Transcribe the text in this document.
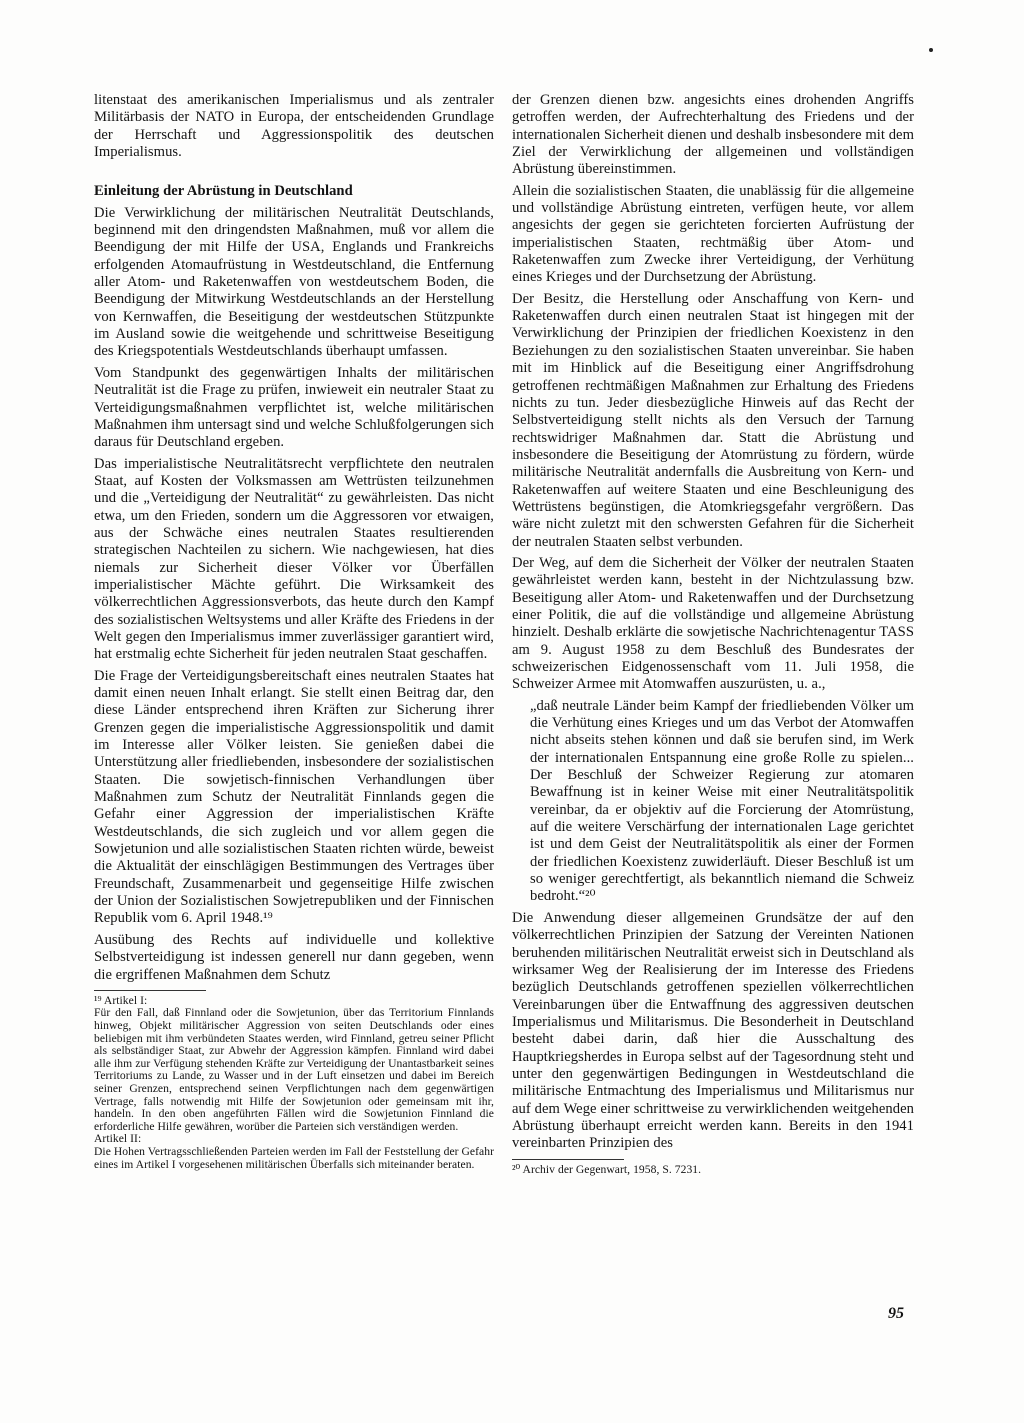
litenstaat des amerikanischen Imperialismus und als zentraler Militärbasis der NATO in Europa, der entscheidenden Grundlage der Herrschaft und Aggressionspolitik des deutschen Imperialismus.

Einleitung der Abrüstung in Deutschland

Die Verwirklichung der militärischen Neutralität Deutschlands, beginnend mit den dringendsten Maßnahmen, muß vor allem die Beendigung der mit Hilfe der USA, Englands und Frankreichs erfolgenden Atomaufrüstung in Westdeutschland, die Entfernung aller Atom- und Raketenwaffen von westdeutschem Boden, die Beendigung der Mitwirkung Westdeutschlands an der Herstellung von Kernwaffen, die Beseitigung der westdeutschen Stützpunkte im Ausland sowie die weitgehende und schrittweise Beseitigung des Kriegspotentials Westdeutschlands überhaupt umfassen.

Vom Standpunkt des gegenwärtigen Inhalts der militärischen Neutralität ist die Frage zu prüfen, inwieweit ein neutraler Staat zu Verteidigungsmaßnahmen verpflichtet ist, welche militärischen Maßnahmen ihm untersagt sind und welche Schlußfolgerungen sich daraus für Deutschland ergeben.

Das imperialistische Neutralitätsrecht verpflichtete den neutralen Staat, auf Kosten der Volksmassen am Wettrüsten teilzunehmen und die „Verteidigung der Neutralität“ zu gewährleisten. Das nicht etwa, um den Frieden, sondern um die Aggressoren vor etwaigen, aus der Schwäche eines neutralen Staates resultierenden strategischen Nachteilen zu sichern. Wie nachgewiesen, hat dies niemals zur Sicherheit dieser Völker vor Überfällen imperialistischer Mächte geführt. Die Wirksamkeit des völkerrechtlichen Aggressionsverbots, das heute durch den Kampf des sozialistischen Weltsystems und aller Kräfte des Friedens in der Welt gegen den Imperialismus immer zuverlässiger garantiert wird, hat erstmalig echte Sicherheit für jeden neutralen Staat geschaffen.

Die Frage der Verteidigungsbereitschaft eines neutralen Staates hat damit einen neuen Inhalt erlangt. Sie stellt einen Beitrag dar, den diese Länder entsprechend ihren Kräften zur Sicherung ihrer Grenzen gegen die imperialistische Aggressionspolitik und damit im Interesse aller Völker leisten. Sie genießen dabei die Unterstützung aller friedliebenden, insbesondere der sozialistischen Staaten. Die sowjetisch-finnischen Verhandlungen über Maßnahmen zum Schutz der Neutralität Finnlands gegen die Gefahr einer Aggression der imperialistischen Kräfte Westdeutschlands, die sich zugleich und vor allem gegen die Sowjetunion und alle sozialistischen Staaten richten würde, beweist die Aktualität der einschlägigen Bestimmungen des Vertrages über Freundschaft, Zusammenarbeit und gegenseitige Hilfe zwischen der Union der Sozialistischen Sowjetrepubliken und der Finnischen Republik vom 6. April 1948.¹⁹

Ausübung des Rechts auf individuelle und kollektive Selbstverteidigung ist indessen generell nur dann gegeben, wenn die ergriffenen Maßnahmen dem Schutz

¹⁹ Artikel I:

Für den Fall, daß Finnland oder die Sowjetunion, über das Territorium Finnlands hinweg, Objekt militärischer Aggression von seiten Deutschlands oder eines beliebigen mit ihm verbündeten Staates werden, wird Finnland, getreu seiner Pflicht als selbständiger Staat, zur Abwehr der Aggression kämpfen. Finnland wird dabei alle ihm zur Verfügung stehenden Kräfte zur Verteidigung der Unantastbarkeit seines Territoriums zu Lande, zu Wasser und in der Luft einsetzen und dabei im Bereich seiner Grenzen, entsprechend seinen Verpflichtungen nach dem gegenwärtigen Vertrage, falls notwendig mit Hilfe der Sowjetunion oder gemeinsam mit ihr, handeln. In den oben angeführten Fällen wird die Sowjetunion Finnland die erforderliche Hilfe gewähren, worüber die Parteien sich verständigen werden.

Artikel II:

Die Hohen Vertragsschließenden Parteien werden im Fall der Feststellung der Gefahr eines im Artikel I vorgesehenen militärischen Überfalls sich miteinander beraten.

der Grenzen dienen bzw. angesichts eines drohenden Angriffs getroffen werden, der Aufrechterhaltung des Friedens und der internationalen Sicherheit dienen und deshalb insbesondere mit dem Ziel der Verwirklichung der allgemeinen und vollständigen Abrüstung übereinstimmen.

Allein die sozialistischen Staaten, die unablässig für die allgemeine und vollständige Abrüstung eintreten, verfügen heute, vor allem angesichts der gegen sie gerichteten forcierten Aufrüstung der imperialistischen Staaten, rechtmäßig über Atom- und Raketenwaffen zum Zwecke ihrer Verteidigung, der Verhütung eines Krieges und der Durchsetzung der Abrüstung.

Der Besitz, die Herstellung oder Anschaffung von Kern- und Raketenwaffen durch einen neutralen Staat ist hingegen mit der Verwirklichung der Prinzipien der friedlichen Koexistenz in den Beziehungen zu den sozialistischen Staaten unvereinbar. Sie haben mit im Hinblick auf die Beseitigung einer Angriffsdrohung getroffenen rechtmäßigen Maßnahmen zur Erhaltung des Friedens nichts zu tun. Jeder diesbezügliche Hinweis auf das Recht der Selbstverteidigung stellt nichts als den Versuch der Tarnung rechtswidriger Maßnahmen dar. Statt die Abrüstung und insbesondere die Beseitigung der Atomrüstung zu fördern, würde militärische Neutralität andernfalls die Ausbreitung von Kern- und Raketenwaffen auf weitere Staaten und eine Beschleunigung des Wettrüstens begünstigen, die Atomkriegsgefahr vergrößern. Das wäre nicht zuletzt mit den schwersten Gefahren für die Sicherheit der neutralen Staaten selbst verbunden.

Der Weg, auf dem die Sicherheit der Völker der neutralen Staaten gewährleistet werden kann, besteht in der Nichtzulassung bzw. Beseitigung aller Atom- und Raketenwaffen und der Durchsetzung einer Politik, die auf die vollständige und allgemeine Abrüstung hinzielt. Deshalb erklärte die sowjetische Nachrichtenagentur TASS am 9. August 1958 zu dem Beschluß des Bundesrates der schweizerischen Eidgenossenschaft vom 11. Juli 1958, die Schweizer Armee mit Atomwaffen auszurüsten, u. a.,

„daß neutrale Länder beim Kampf der friedliebenden Völker um die Verhütung eines Krieges und um das Verbot der Atomwaffen nicht abseits stehen können und daß sie berufen sind, im Werk der internationalen Entspannung eine große Rolle zu spielen... Der Beschluß der Schweizer Regierung zur atomaren Bewaffnung ist in keiner Weise mit einer Neutralitätspolitik vereinbar, da er objektiv auf die Forcierung der Atomrüstung, auf die weitere Verschärfung der internationalen Lage gerichtet ist und dem Geist der Neutralitätspolitik als einer der Formen der friedlichen Koexistenz zuwiderläuft. Dieser Beschluß ist um so weniger gerechtfertigt, als bekanntlich niemand die Schweiz bedroht.“²⁰

Die Anwendung dieser allgemeinen Grundsätze der auf den völkerrechtlichen Prinzipien der Satzung der Vereinten Nationen beruhenden militärischen Neutralität erweist sich in Deutschland als wirksamer Weg der Realisierung der im Interesse des Friedens bezüglich Deutschlands getroffenen speziellen völkerrechtlichen Vereinbarungen über die Entwaffnung des aggressiven deutschen Imperialismus und Militarismus. Die Besonderheit in Deutschland besteht dabei darin, daß hier die Ausschaltung des Hauptkriegsherdes in Europa selbst auf der Tagesordnung steht und unter den gegenwärtigen Bedingungen in Westdeutschland die militärische Entmachtung des Imperialismus und Militarismus nur auf dem Wege einer schrittweise zu verwirklichenden weitgehenden Abrüstung überhaupt erreicht werden kann. Bereits in den 1941 vereinbarten Prinzipien des

²⁰ Archiv der Gegenwart, 1958, S. 7231.

95
